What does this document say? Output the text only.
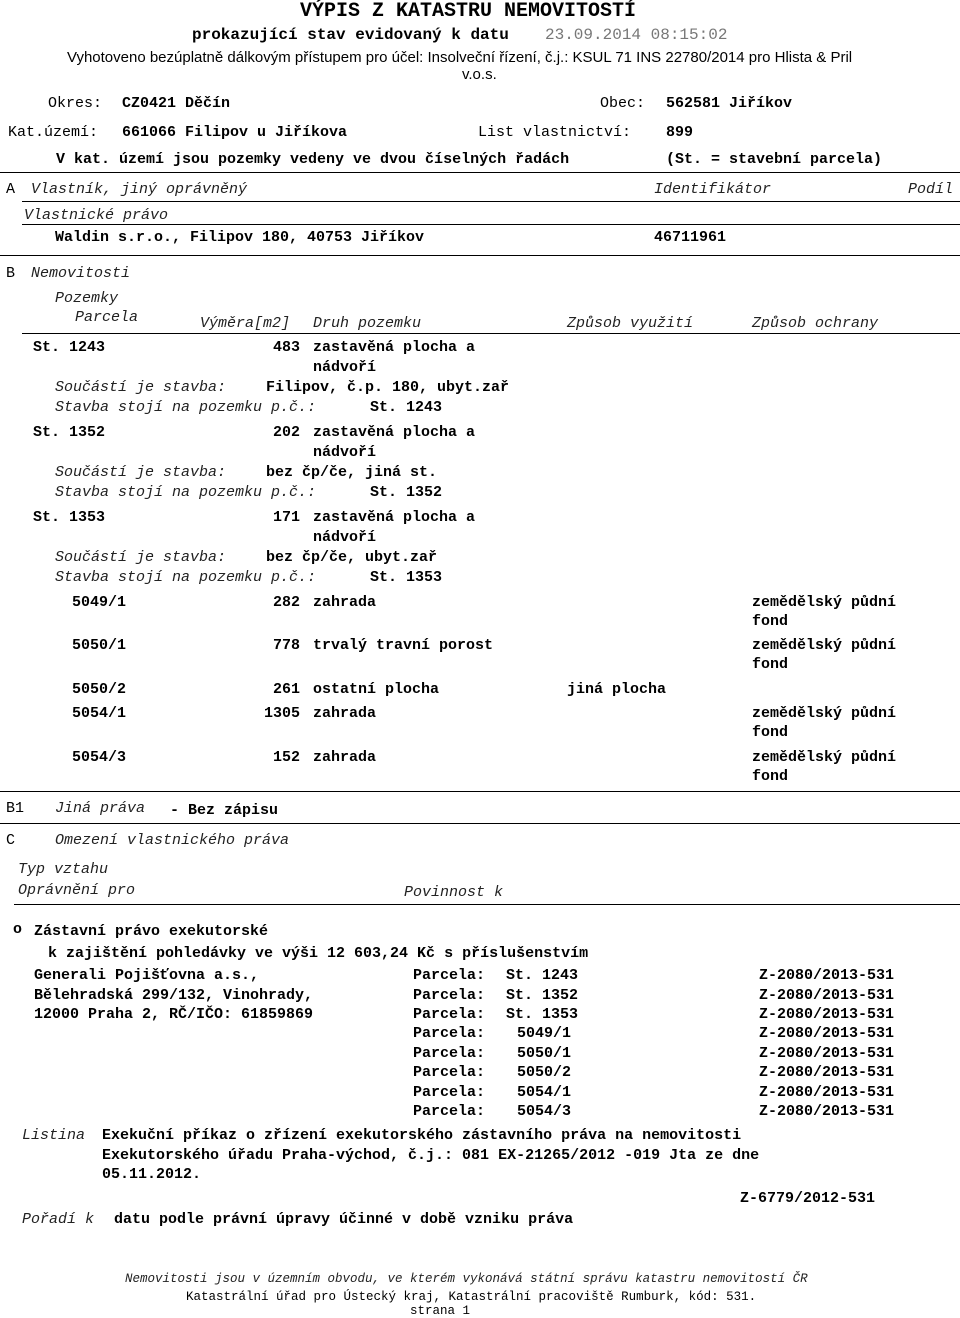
VÝPIS Z KATASTRU NEMOVITOSTÍ
prokazující stav evidovaný k datu 23.09.2014 08:15:02
Vyhotoveno bezúplatně dálkovým přístupem pro účel: Insolveční řízení, č.j.: KSUL 71 INS 22780/2014 pro Hlista & Pril
v.o.s.
Okres: CZ0421 Děčín	Obec: 562581 Jiříkov
Kat.území: 661066 Filipov u Jiříkova	List vlastnictví: 899
V kat. území jsou pozemky vedeny ve dvou číselných řadách	(St. = stavební parcela)
A Vlastník, jiný oprávněný	Identifikátor	Podíl
Vlastnické právo
Waldin s.r.o., Filipov 180, 40753 Jiříkov	46711961
B Nemovitosti
Pozemky
Parcela	Výměra[m2] Druh pozemku	Způsob využití	Způsob ochrany
St. 1243	483 zastavěná plocha a
nádvoří
Součástí je stavba:	Filipov, č.p. 180, ubyt.zař
Stavba stojí na pozemku p.č.:	St. 1243
St. 1352	202 zastavěná plocha a
nádvoří
Součástí je stavba:	bez čp/če, jiná st.
Stavba stojí na pozemku p.č.:	St. 1352
St. 1353	171 zastavěná plocha a
nádvoří
Součástí je stavba:	bez čp/če, ubyt.zař
Stavba stojí na pozemku p.č.:	St. 1353
5049/1	282 zahrada	zemědělský půdní
fond
5050/1	778 trvalý travní porost	zemědělský půdní
fond
5050/2	261 ostatní plocha	jiná plocha
5054/1	1305 zahrada	zemědělský půdní
fond
5054/3	152 zahrada	zemědělský půdní
fond
B1 Jiná práva - Bez zápisu
C	Omezení vlastnického práva
Typ vztahu
Oprávnění pro	Povinnost k
o Zástavní právo exekutorské
k zajištění pohledávky ve výši 12 603,24 Kč s příslušenstvím
Generali Pojišťovna a.s.,
Bělehradská 299/132, Vinohrady,
12000 Praha 2, RČ/IČO: 61859869
Parcela: St. 1243	Z-2080/2013-531
Parcela: St. 1352	Z-2080/2013-531
Parcela: St. 1353	Z-2080/2013-531
Parcela: 5049/1	Z-2080/2013-531
Parcela: 5050/1	Z-2080/2013-531
Parcela: 5050/2	Z-2080/2013-531
Parcela: 5054/1	Z-2080/2013-531
Parcela: 5054/3	Z-2080/2013-531
Listina Exekuční příkaz o zřízení exekutorského zástavního práva na nemovitosti
Exekutorského úřadu Praha-východ, č.j.: 081 EX-21265/2012 -019 Jta ze dne
05.11.2012.
Z-6779/2012-531
Pořadí k datu podle právní úpravy účinné v době vzniku práva
Nemovitosti jsou v územním obvodu, ve kterém vykonává státní správu katastru nemovitostí ČR
Katastrální úřad pro Ústecký kraj, Katastrální pracoviště Rumburk, kód: 531.
strana 1
